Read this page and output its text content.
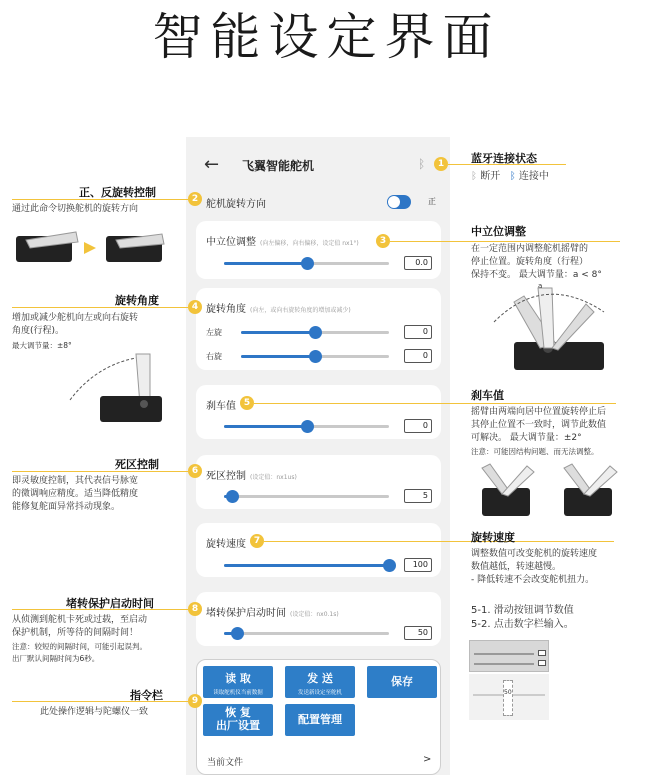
智能设定界面
← 飞翼智能舵机	ᛒ
舵机旋转方向	正
中立位调整 (向左偏移，向右偏移，设定值 nx1°)
0.0
旋转角度 (向左，或向右旋转角度的增加或减少)
左旋	0
右旋	0
刹车值
0
死区控制 (设定值：nx1us)
5
旋转速度
100
堵转保护启动时间 (设定值：nx0.1s)
50
读 取
读取舵机仪当前数据
发 送
发送新设定至舵机
保存
恢 复
出厂设置	配置管理
当前文件	>
1
2
3
4
5
6
7
8
9
蓝牙连接状态
ᛒ 断开 ᛒ 连接中
中立位调整
在一定范围内调整舵机摇臂的
停止位置。旋转角度（行程）
保持不变。 最大调节量：a < 8°
a
刹车值
摇臂由两端向居中位置旋转停止后
其停止位置不一致时，调节此数值
可解决。 最大调节量：±2°
注意：可能因结构问题、而无法调整。
旋转速度
调整数值可改变舵机的旋转速度
数值越低，转速越慢。
- 降低转速不会改变舵机扭力。
5-1. 滑动按钮调节数值
5-2. 点击数字栏输入。
50
正、反旋转控制
通过此命令切换舵机的旋转方向
旋转角度
增加或减少舵机向左或向右旋转
角度(行程)。
最大调节量：±8°
死区控制
即灵敏度控制，其代表信号脉宽
的微调响应精度。适当降低精度
能修复舵面异常抖动现象。
堵转保护启动时间
从侦测到舵机卡死或过载，至启动
保护机制，所等待的间隔时间！
注意：较短的间隔时间，可能引起误判。
出厂默认间隔时间为6秒。
指令栏
此处操作逻辑与陀螺仪一致
